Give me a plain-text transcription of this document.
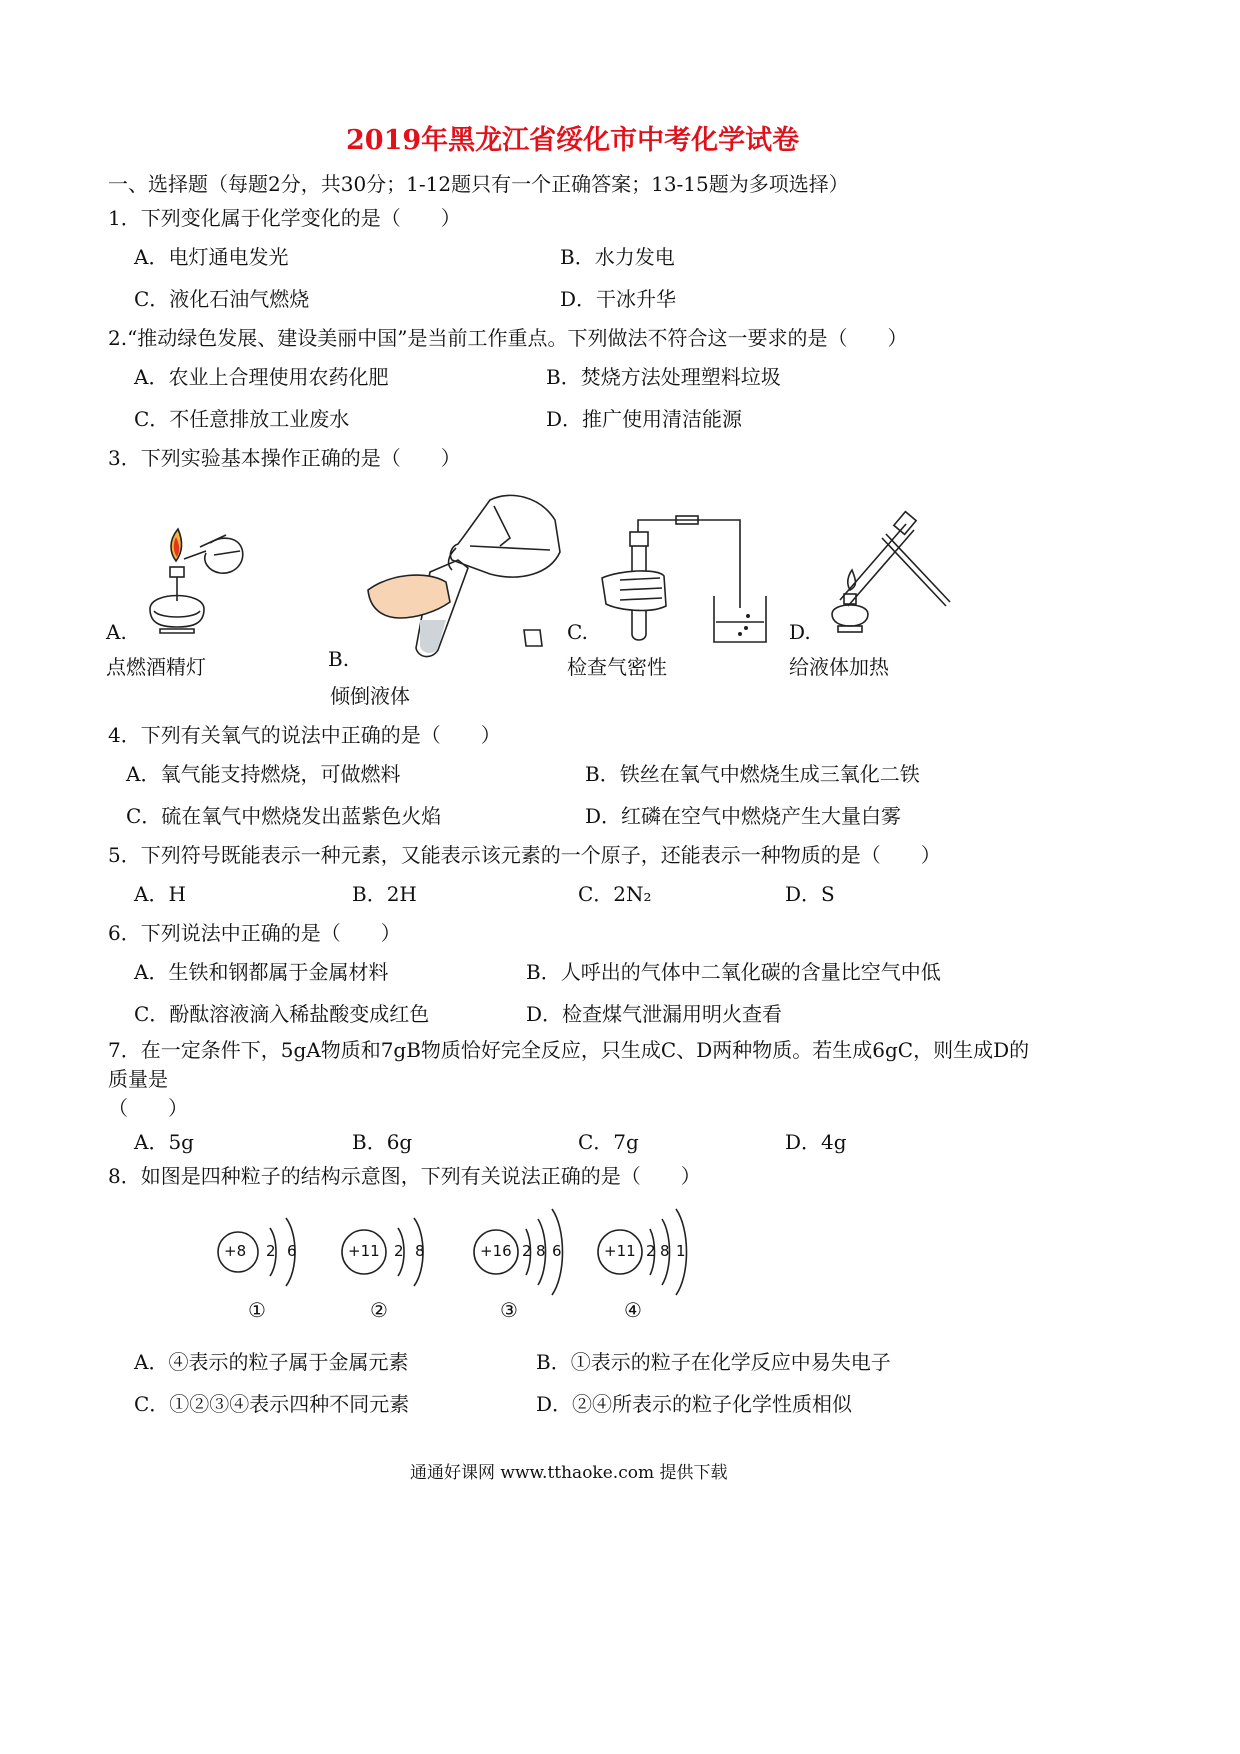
2019年黑龙江省绥化市中考化学试卷
一、选择题（每题2分，共30分；1-12题只有一个正确答案；13-15题为多项选择）
1．下列变化属于化学变化的是（　　）
A．电灯通电发光	B．水力发电
C．液化石油气燃烧	D．干冰升华
2.“推动绿色发展、建设美丽中国”是当前工作重点。下列做法不符合这一要求的是（　　）
A．农业上合理使用农药化肥	B．焚烧方法处理塑料垃圾
C．不任意排放工业废水	D．推广使用清洁能源
3．下列实验基本操作正确的是（　　）
A.
点燃酒精灯	B.
倾倒液体
C.
检查气密性
D.
给液体加热
4．下列有关氧气的说法中正确的是（　　）
A．氧气能支持燃烧，可做燃料	B．铁丝在氧气中燃烧生成三氧化二铁
C．硫在氧气中燃烧发出蓝紫色火焰	D．红磷在空气中燃烧产生大量白雾
5．下列符号既能表示一种元素，又能表示该元素的一个原子，还能表示一种物质的是（　　）
A．H	B．2H	C．2N₂	D．S
6．下列说法中正确的是（　　）
A．生铁和钢都属于金属材料	B．人呼出的气体中二氧化碳的含量比空气中低
C．酚酞溶液滴入稀盐酸变成红色	D．检查煤气泄漏用明火查看
7．在一定条件下，5gA物质和7gB物质恰好完全反应，只生成C、D两种物质。若生成6gC，则生成D的
质量是
（　　）
A．5g	B．6g	C．7g	D．4g
8．如图是四种粒子的结构示意图，下列有关说法正确的是（　　）
+8 2 6
①
+11 2 8
②
+16 2 8 6
③
+11 2 8 1
④
A．④表示的粒子属于金属元素	B．①表示的粒子在化学反应中易失电子
C．①②③④表示四种不同元素	D．②④所表示的粒子化学性质相似
通通好课网 www.tthaoke.com 提供下载
